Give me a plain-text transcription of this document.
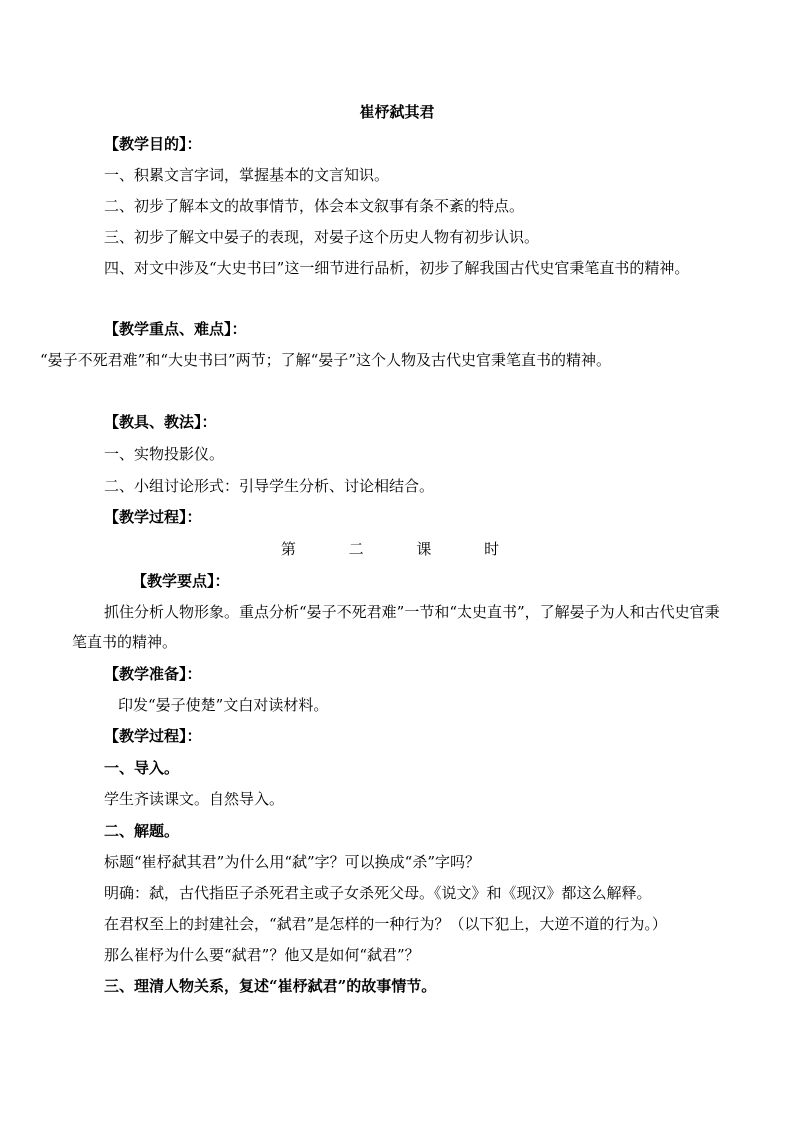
崔杼弑其君
【教学目的】：
一、积累文言字词，掌握基本的文言知识。
二、初步了解本文的故事情节，体会本文叙事有条不紊的特点。
三、初步了解文中晏子的表现，对晏子这个历史人物有初步认识。
四、对文中涉及“大史书曰”这一细节进行品析，初步了解我国古代史官秉笔直书的精神。
【教学重点、难点】：
“晏子不死君难”和“大史书曰”两节；了解“晏子”这个人物及古代史官秉笔直书的精神。
【教具、教法】：
一、实物投影仪。
二、小组讨论形式：引导学生分析、讨论相结合。
【教学过程】：
第 二 课 时
【教学要点】：
抓住分析人物形象。重点分析“晏子不死君难”一节和“太史直书”，了解晏子为人和古代史官秉笔直书的精神。
【教学准备】：
印发“晏子使楚”文白对读材料。
【教学过程】：
一、导入。
学生齐读课文。自然导入。
二、解题。
标题“崔杼弑其君”为什么用“弑”字？可以换成“杀”字吗？
明确：弑，古代指臣子杀死君主或子女杀死父母。《说文》和《现汉》都这么解释。
在君权至上的封建社会，“弑君”是怎样的一种行为？（以下犯上，大逆不道的行为。）
那么崔杼为什么要“弑君”？他又是如何“弑君”？
三、理清人物关系，复述“崔杼弑君”的故事情节。
